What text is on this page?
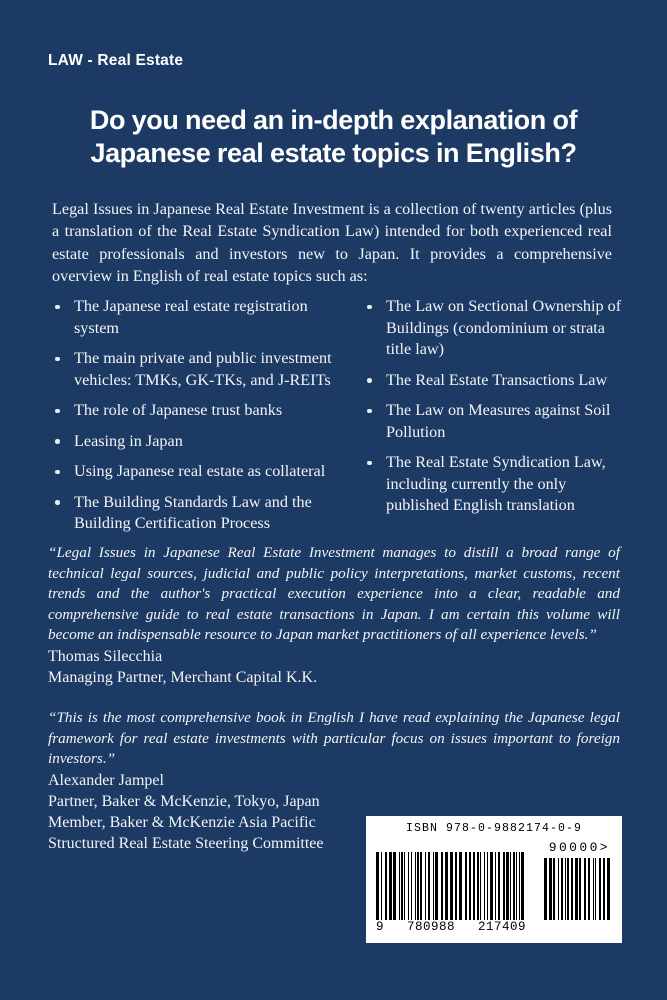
LAW - Real Estate
Do you need an in-depth explanation of
Japanese real estate topics in English?
Legal Issues in Japanese Real Estate Investment is a collection of twenty articles (plus a translation of the Real Estate Syndication Law) intended for both experienced real estate professionals and investors new to Japan. It provides a comprehensive overview in English of real estate topics such as:
The Japanese real estate registration system
The main private and public investment vehicles: TMKs, GK-TKs, and J-REITs
The role of Japanese trust banks
Leasing in Japan
Using Japanese real estate as collateral
The Building Standards Law and the Building Certification Process
The Law on Sectional Ownership of Buildings (condominium or strata title law)
The Real Estate Transactions Law
The Law on Measures against Soil Pollution
The Real Estate Syndication Law, including currently the only published English translation

“Legal Issues in Japanese Real Estate Investment manages to distill a broad range of technical legal sources, judicial and public policy interpretations, market customs, recent trends and the author's practical execution experience into a clear, readable and comprehensive guide to real estate transactions in Japan. I am certain this volume will become an indispensable resource to Japan market practitioners of all experience levels.”

Thomas Silecchia

Managing Partner, Merchant Capital K.K.

“This is the most comprehensive book in English I have read explaining the Japanese legal framework for real estate investments with particular focus on issues important to foreign investors.”

Alexander Jampel

Partner, Baker & McKenzie, Tokyo, Japan

Member, Baker & McKenzie Asia Pacific

Structured Real Estate Steering Committee

ISBN 978-0-9882174-0-9
90000>
9 780988 217409
